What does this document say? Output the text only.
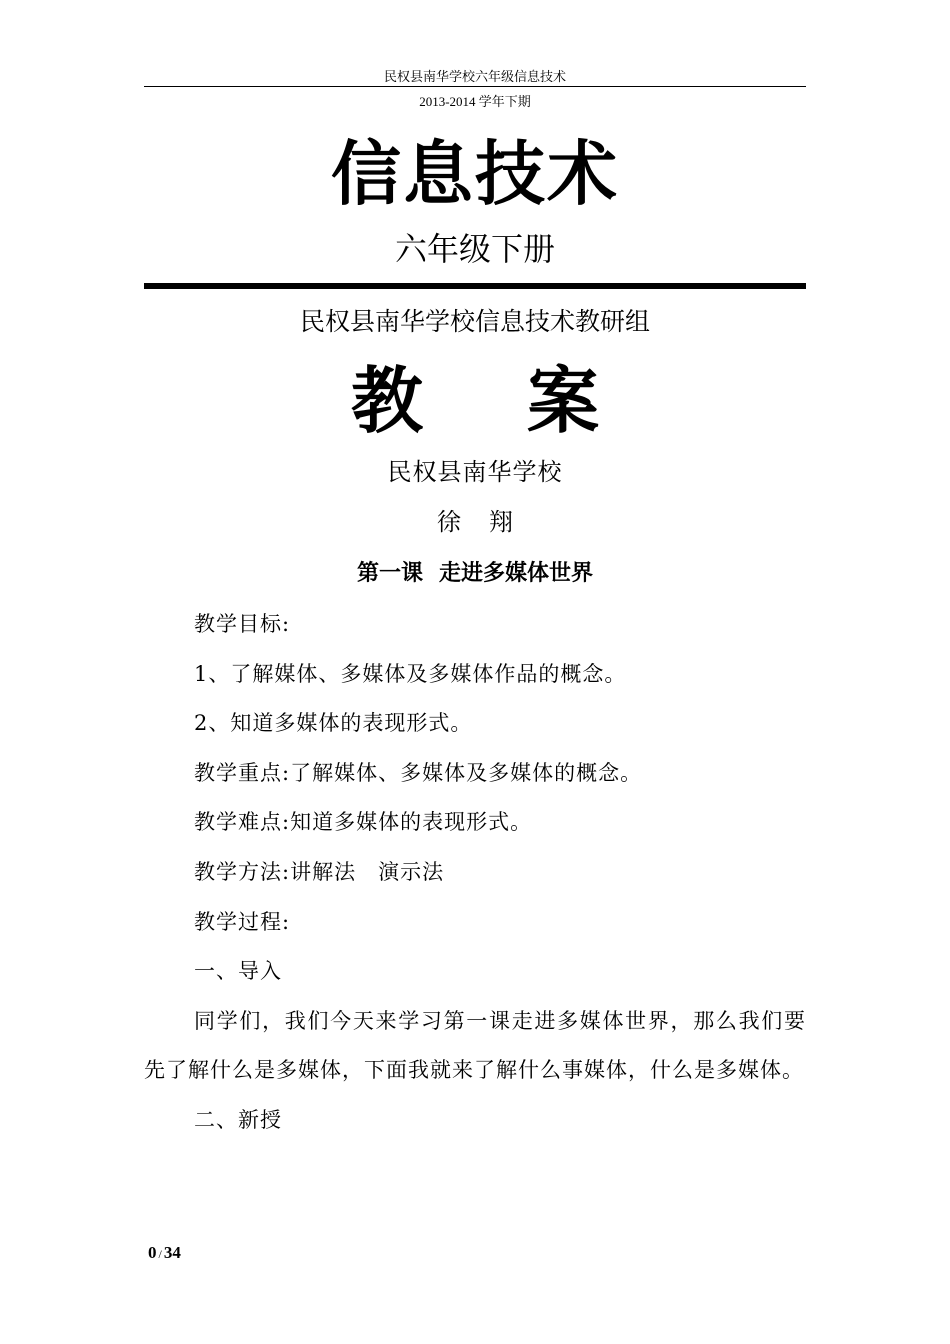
民权县南华学校六年级信息技术
2013-2014 学年下期
信息技术
六年级下册
民权县南华学校信息技术教研组
教 案
民权县南华学校
徐 翔
第一课 走进多媒体世界

教学目标:

1、了解媒体、多媒体及多媒体作品的概念。

2、知道多媒体的表现形式。

教学重点:了解媒体、多媒体及多媒体的概念。

教学难点:知道多媒体的表现形式。

教学方法:讲解法　演示法

教学过程:

一、导入

同学们，我们今天来学习第一课走进多媒体世界，那么我们要先了解什么是多媒体，下面我就来了解什么事媒体，什么是多媒体。

二、新授

0 / 34
